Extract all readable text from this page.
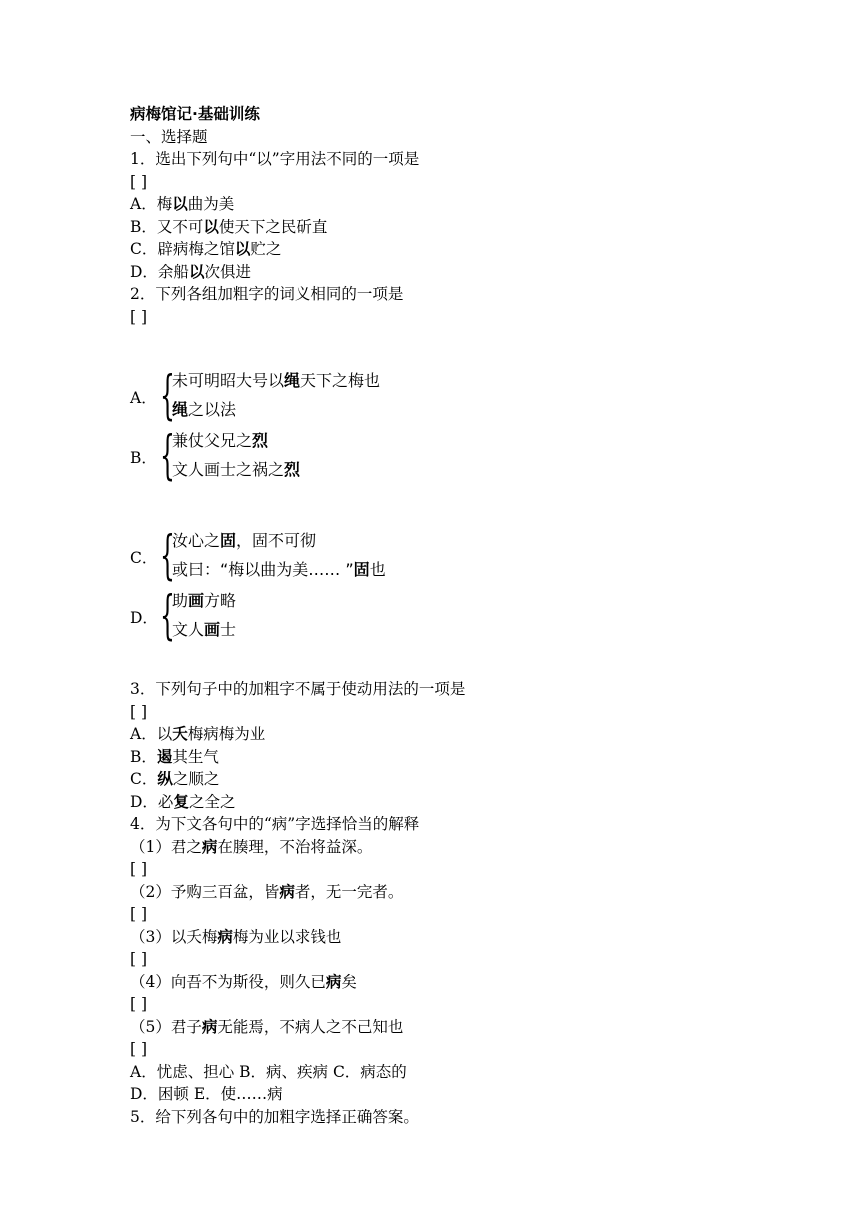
病梅馆记·基础训练
一、选择题
1．选出下列句中“以”字用法不同的一项是
[ ]
A．梅以曲为美
B．又不可以使天下之民斫直
C．辟病梅之馆以贮之
D．余船以次俱进
2．下列各组加粗字的词义相同的一项是
[ ]
A． {
未可明昭大号以绳天下之梅也
绳之以法
B． {
兼仗父兄之烈
文人画士之祸之烈
C． {
汝心之固，固不可彻
或曰：“梅以曲为美…… ”固也
D． {
助画方略
文人画士
3．下列句子中的加粗字不属于使动用法的一项是
[ ]
A．以夭梅病梅为业
B．遏其生气
C．纵之顺之
D．必复之全之
4．为下文各句中的“病”字选择恰当的解释
（1）君之病在腠理，不治将益深。
[ ]
（2）予购三百盆，皆病者，无一完者。
[ ]
（3）以夭梅病梅为业以求钱也
[ ]
（4）向吾不为斯役，则久已病矣
[ ]
（5）君子病无能焉，不病人之不己知也
[ ]
A．忧虑、担心 B．病、疾病 C．病态的
D．困顿 E．使……病
5．给下列各句中的加粗字选择正确答案。
